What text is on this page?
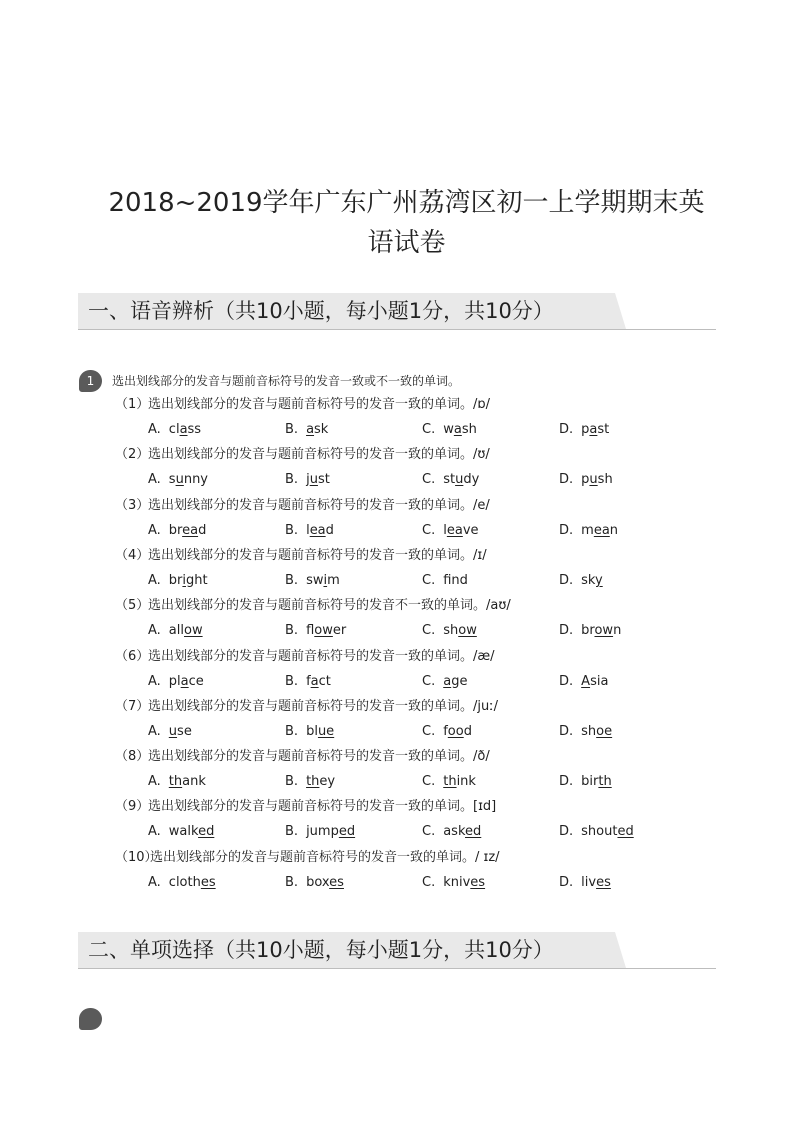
2018~2019学年广东广州荔湾区初一上学期期末英
语试卷
一、语音辨析（共10小题，每小题1分，共10分）
1	选出划线部分的发音与题前音标符号的发音一致或不一致的单词。
（1）选出划线部分的发音与题前音标符号的发音一致的单词。/ɒ/
A. class	B. ask	C. wash	D. past
（2）选出划线部分的发音与题前音标符号的发音一致的单词。/ʊ/
A. sunny	B. just	C. study	D. push
（3）选出划线部分的发音与题前音标符号的发音一致的单词。/e/
A. bread	B. lead	C. leave	D. mean
（4）选出划线部分的发音与题前音标符号的发音一致的单词。/ɪ/
A. bright	B. swim	C. fnd	D. sky
（5）选出划线部分的发音与题前音标符号的发音不一致的单词。/aʊ/
A. allow	B. flower	C. show	D. brown
（6）选出划线部分的发音与题前音标符号的发音一致的单词。/æ/
A. place	B. fact	C. age	D. Asia
（7）选出划线部分的发音与题前音标符号的发音一致的单词。/juː/
A. use	B. blue	C. food	D. shoe
（8）选出划线部分的发音与题前音标符号的发音一致的单词。/ð/
A. thank	B. they	C. think	D. birth
（9）选出划线部分的发音与题前音标符号的发音一致的单词。[ɪd]
A. walked	B. jumped	C. asked	D. shouted
（10）选出划线部分的发音与题前音标符号的发音一致的单词。/ ɪz/
A. clothes	B. boxes	C. knives	D. lives
二、单项选择（共10小题，每小题1分，共10分）
